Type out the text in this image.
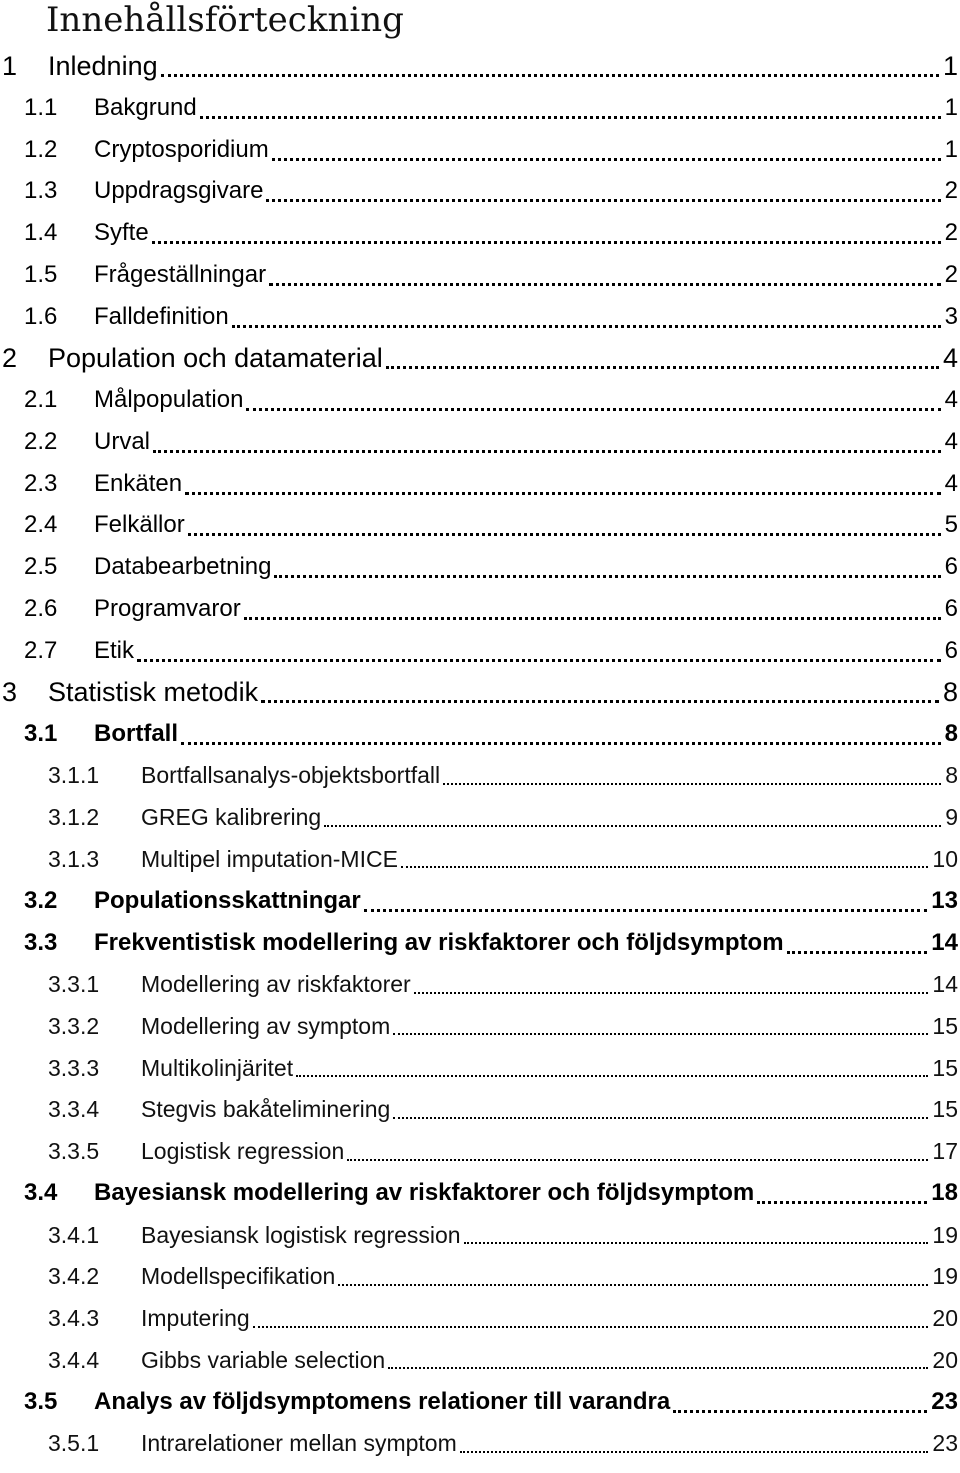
Innehållsförteckning
1	Inledning	1
1.1	Bakgrund	1
1.2	Cryptosporidium	1
1.3	Uppdragsgivare	2
1.4	Syfte	2
1.5	Frågeställningar	2
1.6	Falldefinition	3
2	Population och datamaterial	4
2.1	Målpopulation	4
2.2	Urval	4
2.3	Enkäten	4
2.4	Felkällor	5
2.5	Databearbetning	6
2.6	Programvaror	6
2.7	Etik	6
3	Statistisk metodik	8
3.1	Bortfall	8
3.1.1	Bortfallsanalys-objektsbortfall	8
3.1.2	GREG kalibrering	9
3.1.3	Multipel imputation-MICE	10
3.2	Populationsskattningar	13
3.3	Frekventistisk modellering av riskfaktorer och följdsymptom	14
3.3.1	Modellering av riskfaktorer	14
3.3.2	Modellering av symptom	15
3.3.3	Multikolinjäritet	15
3.3.4	Stegvis bakåteliminering	15
3.3.5	Logistisk regression	17
3.4	Bayesiansk modellering av riskfaktorer och följdsymptom	18
3.4.1	Bayesiansk logistisk regression	19
3.4.2	Modellspecifikation	19
3.4.3	Imputering	20
3.4.4	Gibbs variable selection	20
3.5	Analys av följdsymptomens relationer till varandra	23
3.5.1	Intrarelationer mellan symptom	23
